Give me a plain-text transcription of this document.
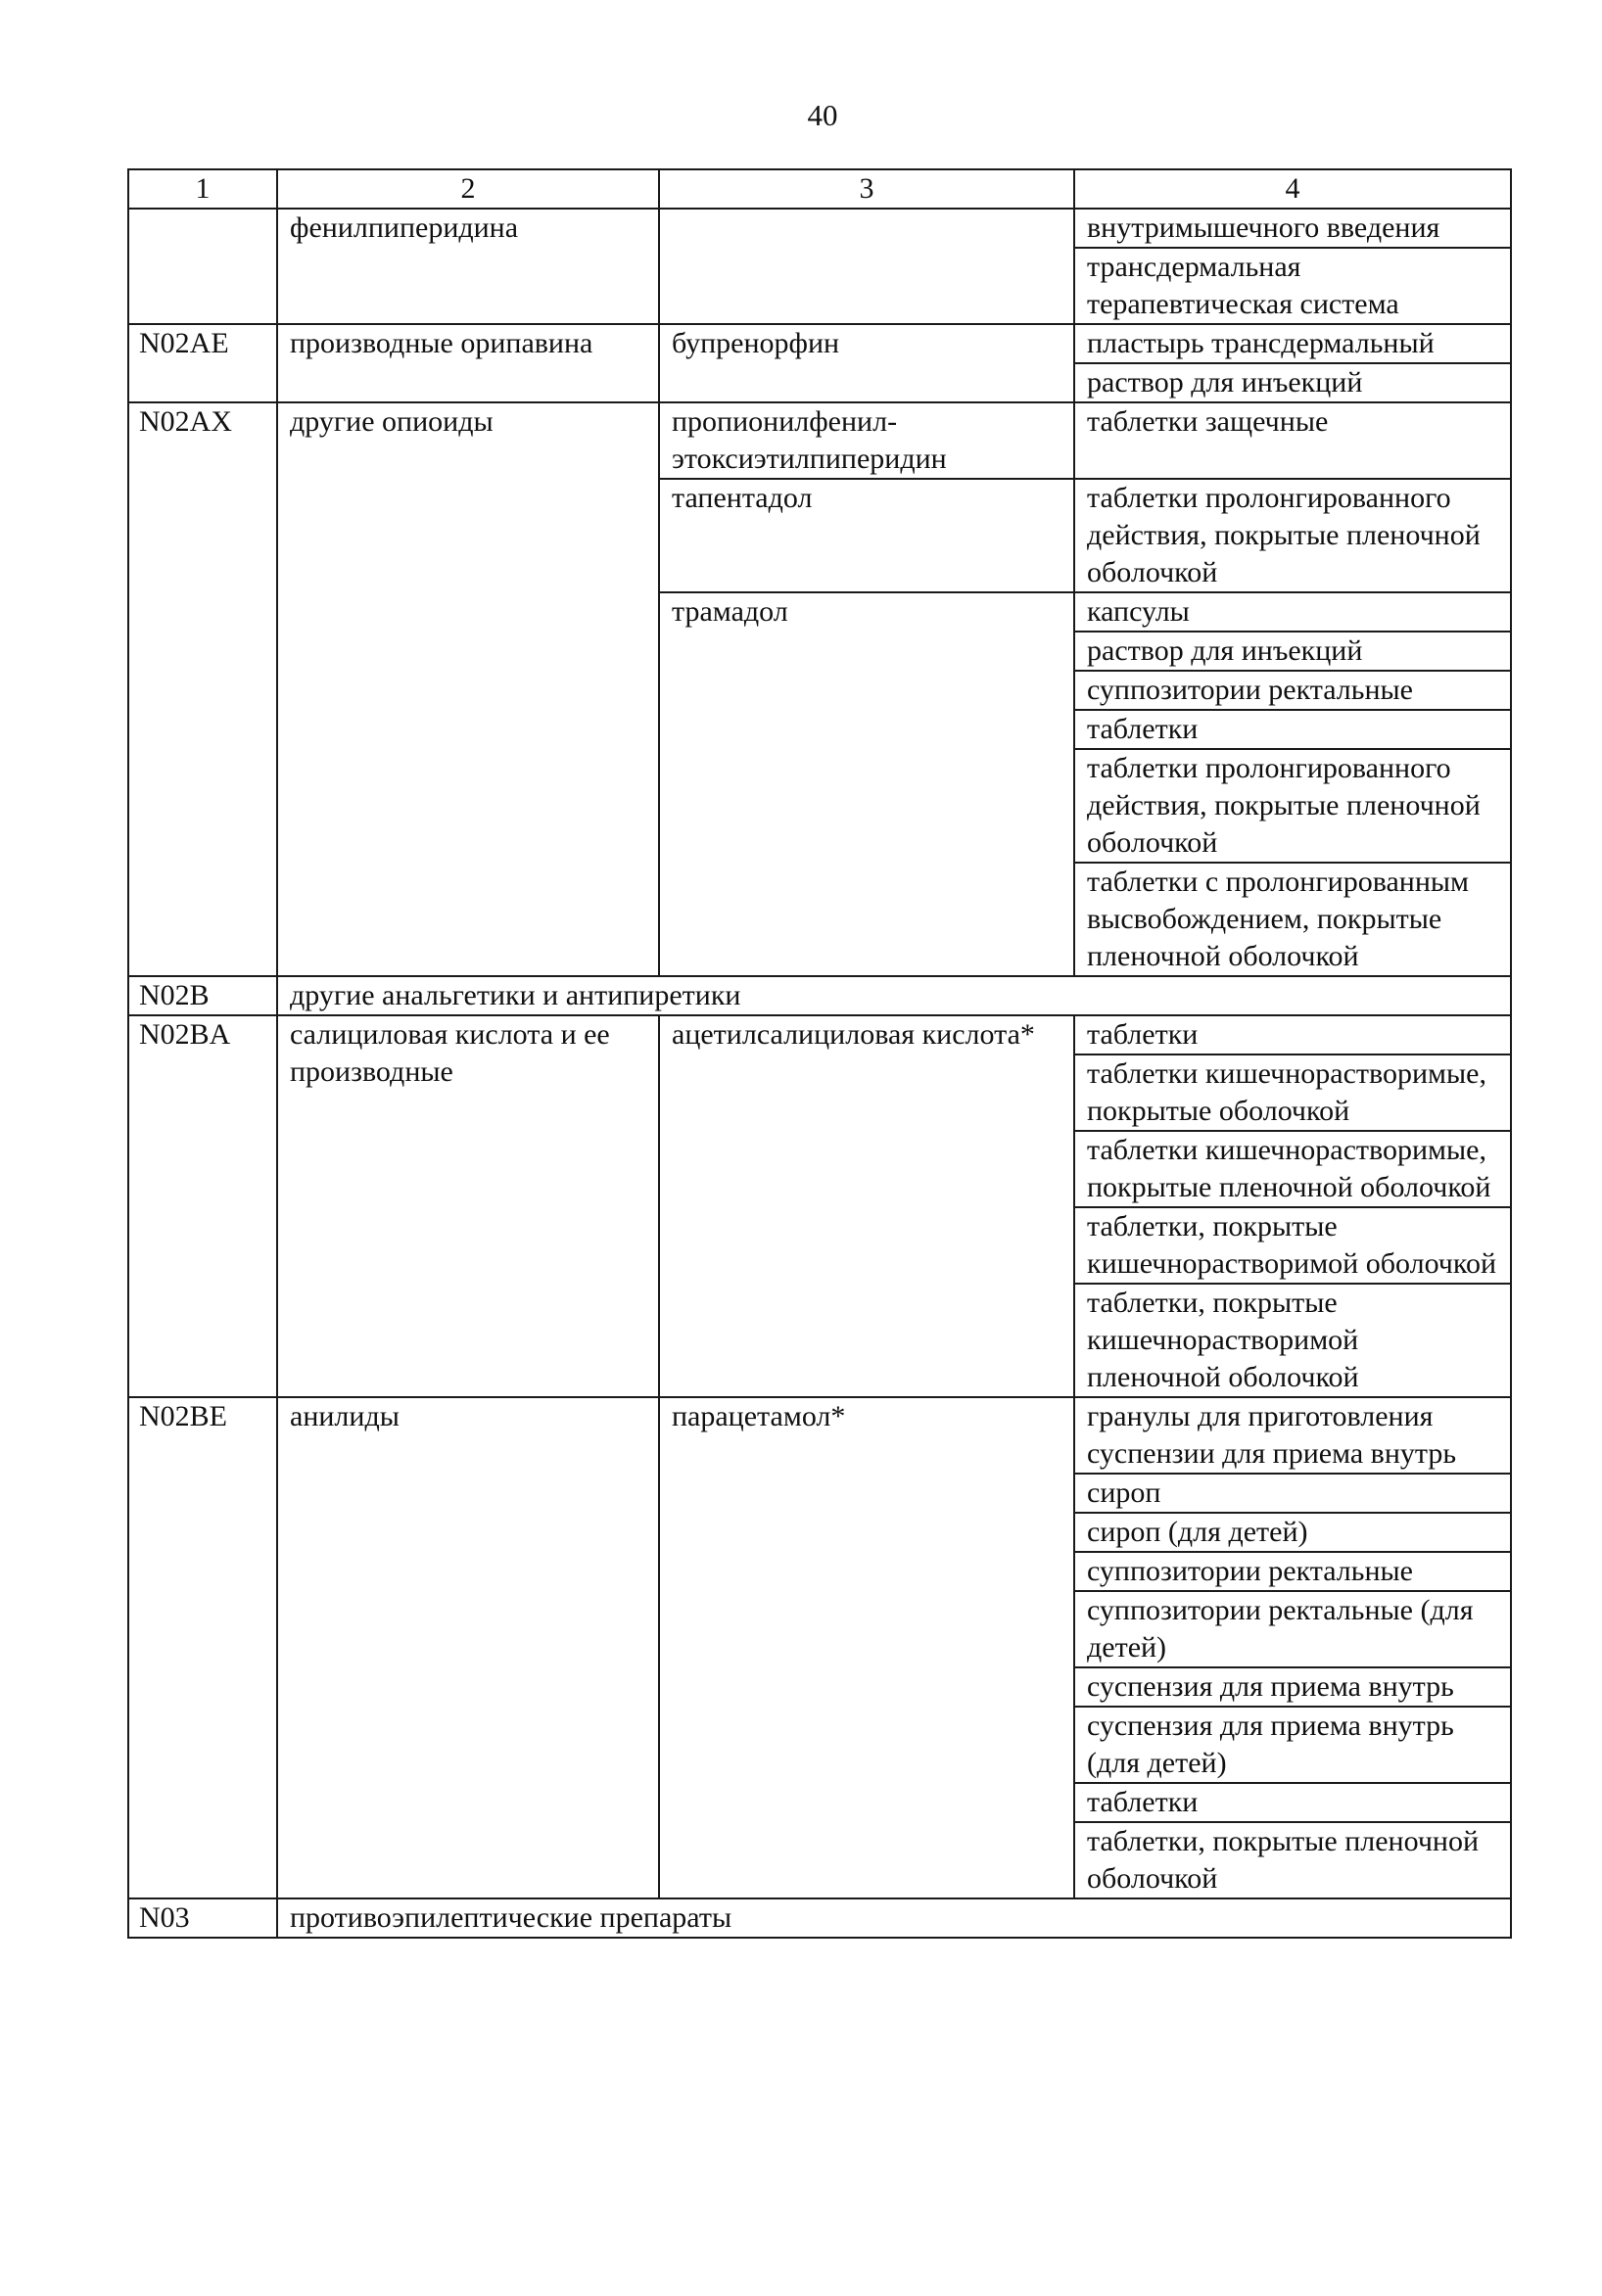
40
1	2	3	4
	фенилпиперидина		внутримышечного введения
			трансдермальная терапевтическая система
N02AE	производные орипавина	бупренорфин	пластырь трансдермальный
			раствор для инъекций
N02AX	другие опиоиды	пропионилфенил-этоксиэтилпиперидин	таблетки защечные
		тапентадол	таблетки пролонгированного действия, покрытые пленочной оболочкой
		трамадол	капсулы
			раствор для инъекций
			суппозитории ректальные
			таблетки
			таблетки пролонгированного действия, покрытые пленочной оболочкой
			таблетки с пролонгированным высвобождением, покрытые пленочной оболочкой
N02B	другие анальгетики и антипиретики		
N02BA	салициловая кислота и ее производные	ацетилсалициловая кислота*	таблетки
			таблетки кишечнорастворимые, покрытые оболочкой
			таблетки кишечнорастворимые, покрытые пленочной оболочкой
			таблетки, покрытые кишечнорастворимой оболочкой
			таблетки, покрытые кишечнорастворимой пленочной оболочкой
N02BE	анилиды	парацетамол*	гранулы для приготовления суспензии для приема внутрь
			сироп
			сироп (для детей)
			суппозитории ректальные
			суппозитории ректальные (для детей)
			суспензия для приема внутрь
			суспензия для приема внутрь (для детей)
			таблетки
			таблетки, покрытые пленочной оболочкой
N03	противоэпилептические препараты		
